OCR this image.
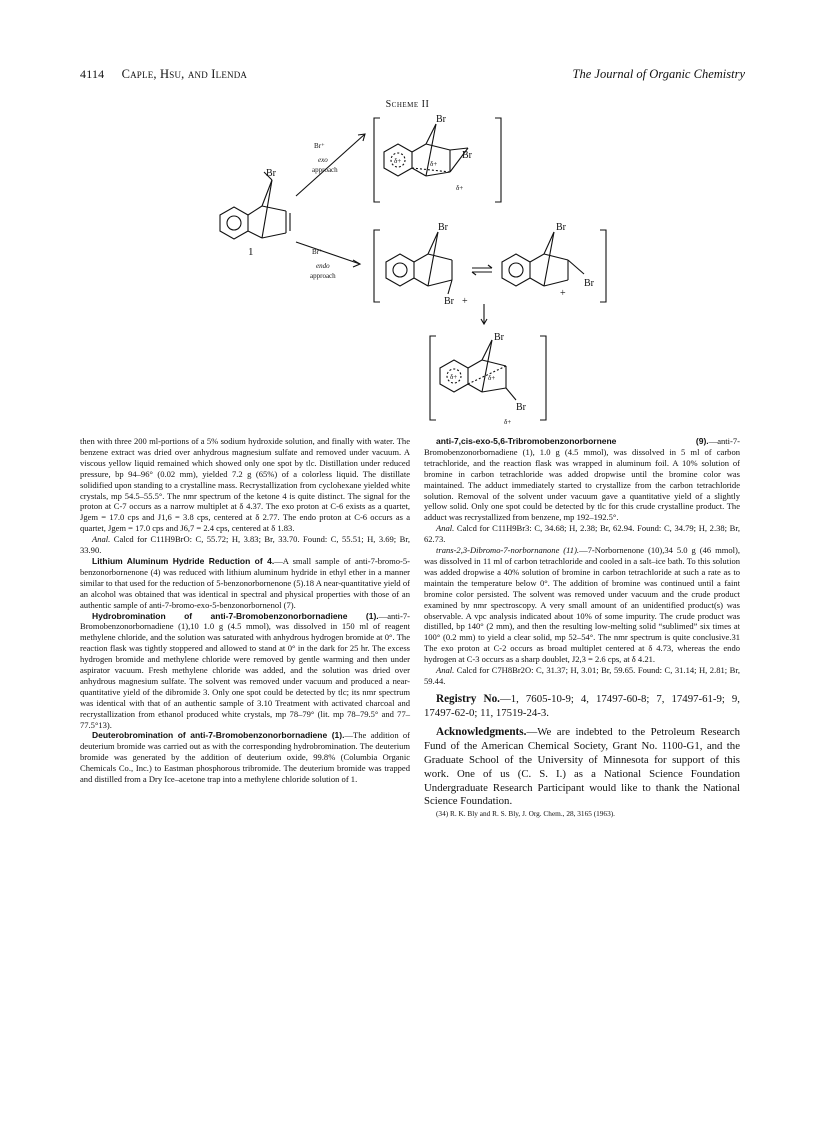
4114 Caple, Hsu, and Ilenda	The Journal of Organic Chemistry
Scheme II
Br
1
Br⁺
exo
approach
Br⁺
endo
approach
Br
Br
δ+	δ+
δ+
Br
Br +
Br
Br
+
Br
Br
δ+	δ+
δ+

then with three 200 ml-portions of a 5% sodium hydroxide solution, and finally with water. The benzene extract was dried over anhydrous magnesium sulfate and removed under vacuum. A viscous yellow liquid remained which showed only one spot by tlc. Distillation under reduced pressure, bp 94–96° (0.02 mm), yielded 7.2 g (65%) of a colorless liquid. The distillate solidified upon standing to a crystalline mass. Recrystallization from cyclohexane yielded white crystals, mp 54.5–55.5°. The nmr spectrum of the ketone 4 is quite distinct. The signal for the proton at C-7 occurs as a narrow multiplet at δ 4.37. The exo proton at C-6 exists as a quartet, Jgem = 17.0 cps and J1,6 = 3.8 cps, centered at δ 2.77. The endo proton at C-6 occurs as a quartet, Jgem = 17.0 cps and J6,7 = 2.4 cps, centered at δ 1.83.

Anal. Calcd for C11H9BrO: C, 55.72; H, 3.83; Br, 33.70. Found: C, 55.51; H, 3.69; Br, 33.90.

Lithium Aluminum Hydride Reduction of 4.—A small sample of anti-7-bromo-5-benzonorbornenone (4) was reduced with lithium aluminum hydride in ethyl ether in a manner similar to that used for the reduction of 5-benzonorbornenone (5).18 A near-quantitative yield of an alcohol was obtained that was identical in spectral and physical properties with those of an authentic sample of anti-7-bromo-exo-5-benzonorbornenol (7).

Hydrobromination of anti-7-Bromobenzonorbornadiene (1).—anti-7-Bromobenzonorbornadiene (1),10 1.0 g (4.5 mmol), was dissolved in 150 ml of reagent methylene chloride, and the solution was saturated with anhydrous hydrogen bromide at 0°. The reaction flask was tightly stoppered and allowed to stand at 0° in the dark for 25 hr. The excess hydrogen bromide and methylene chloride were removed by gentle warming and then under aspirator vacuum. Fresh methylene chloride was added, and the solution was dried over anhydrous magnesium sulfate. The solvent was removed under vacuum and produced a near-quantitative yield of the dibromide 3. Only one spot could be detected by tlc; its nmr spectrum was identical with that of an authentic sample of 3.10 Treatment with activated charcoal and recrystallization from ethanol produced white crystals, mp 78–79° (lit. mp 78–79.5° and 77–77.5°13).

Deuterobromination of anti-7-Bromobenzonorbornadiene (1).—The addition of deuterium bromide was carried out as with the corresponding hydrobromination. The deuterium bromide was generated by the addition of deuterium oxide, 99.8% (Columbia Organic Chemicals Co., Inc.) to Eastman phosphorous tribromide. The deuterium bromide was trapped and distilled from a Dry Ice–acetone trap into a methylene chloride solution of 1.

anti-7,cis-exo-5,6-Tribromobenzonorbornene (9).—anti-7-Bromobenzonorbornadiene (1), 1.0 g (4.5 mmol), was dissolved in 5 ml of carbon tetrachloride, and the reaction flask was wrapped in aluminum foil. A 10% solution of bromine in carbon tetrachloride was added dropwise until the bromine color was maintained. The adduct immediately started to crystallize from the carbon tetrachloride solution. Removal of the solvent under vacuum gave a quantitative yield of a slightly yellow solid. Only one spot could be detected by tlc for this crude crystalline product. The adduct was recrystallized from benzene, mp 192–192.5°.

Anal. Calcd for C11H9Br3: C, 34.68; H, 2.38; Br, 62.94. Found: C, 34.79; H, 2.38; Br, 62.73.

trans-2,3-Dibromo-7-norbornanone (11).—7-Norbornenone (10),34 5.0 g (46 mmol), was dissolved in 11 ml of carbon tetrachloride and cooled in a salt–ice bath. To this solution was added dropwise a 40% solution of bromine in carbon tetrachloride at such a rate as to maintain the temperature below 0°. The addition of bromine was continued until a faint bromine color persisted. The solvent was removed under vacuum and the crude product examined by nmr spectroscopy. A very small amount of an unidentified product(s) was observable. A vpc analysis indicated about 10% of some impurity. The crude product was distilled, bp 140° (2 mm), and then the resulting low-melting solid “sublimed” six times at 100° (0.2 mm) to yield a clear solid, mp 52–54°. The nmr spectrum is quite conclusive.31 The exo proton at C-2 occurs as broad multiplet centered at δ 4.73, whereas the endo hydrogen at C-3 occurs as a sharp doublet, J2,3 = 2.6 cps, at δ 4.21.

Anal. Calcd for C7H8Br2O: C, 31.37; H, 3.01; Br, 59.65. Found: C, 31.14; H, 2.81; Br, 59.44.

Registry No.—1, 7605-10-9; 4, 17497-60-8; 7, 17497-61-9; 9, 17497-62-0; 11, 17519-24-3.

Acknowledgments.—We are indebted to the Petroleum Research Fund of the American Chemical Society, Grant No. 1100-G1, and the Graduate School of the University of Minnesota for support of this work. One of us (C. S. I.) as a National Science Foundation Undergraduate Research Participant would like to thank the National Science Foundation.

(34) R. K. Bly and R. S. Bly, J. Org. Chem., 28, 3165 (1963).
